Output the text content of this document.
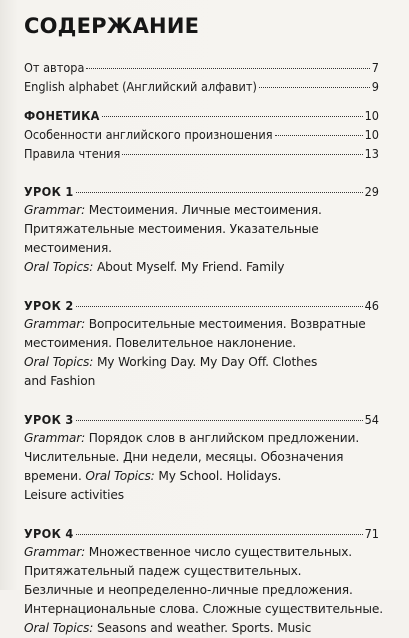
СОДЕРЖАНИЕ
От автора	7
English alphabet (Английский алфавит)	9
ФОНЕТИКА	10
Особенности английского произношения	10
Правила чтения	13
УРОК 1	29
Grammar: Местоимения. Личные местоимения.
Притяжательные местоимения. Указательные
местоимения.
Oral Topics: About Myself. My Friend. Family
УРОК 2	46
Grammar: Вопросительные местоимения. Возвратные
местоимения. Повелительное наклонение.
Oral Topics: My Working Day. My Day Off. Clothes
and Fashion
УРОК 3	54
Grammar: Порядок слов в английском предложении.
Числительные. Дни недели, месяцы. Обозначения
времени. Oral Topics: My School. Holidays.
Leisure activities
УРОК 4	71
Grammar: Множественное число существительных.
Притяжательный падеж существительных.
Безличные и неопределенно-личные предложения.
Интернациональные слова. Сложные существительные.
Oral Topics: Seasons and weather. Sports. Music
